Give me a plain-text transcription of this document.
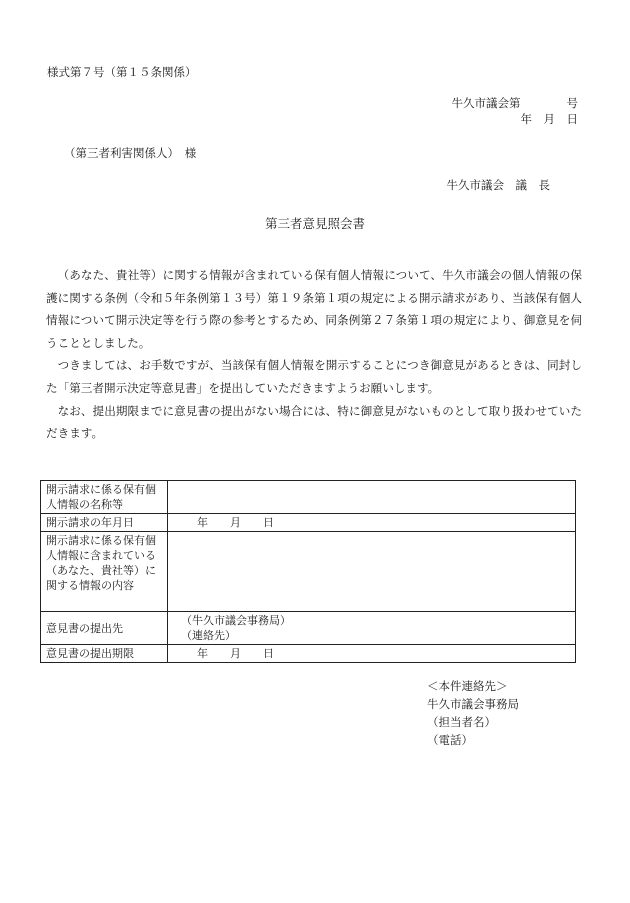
様式第７号（第１５条関係）
牛久市議会第　　　　号
年　月　日
（第三者利害関係人）　様
牛久市議会　議　長
第三者意見照会書

（あなた、貴社等）に関する情報が含まれている保有個人情報について、牛久市議会の個人情報の保護に関する条例（令和５年条例第１３号）第１９条第１項の規定による開示請求があり、当該保有個人情報について開示決定等を行う際の参考とするため、同条例第２７条第１項の規定により、御意見を伺うこととしました。

つきましては、お手数ですが、当該保有個人情報を開示することにつき御意見があるときは、同封した「第三者開示決定等意見書」を提出していただきますようお願いします。

なお、提出期限までに意見書の提出がない場合には、特に御意見がないものとして取り扱わせていただきます。

開示請求に係る保有個人情報の名称等	
開示請求の年月日	年　　月　　日
開示請求に係る保有個人情報に含まれている（あなた、貴社等）に関する情報の内容	
意見書の提出先	（牛久市議会事務局）
（連絡先）

意見書の提出期限	年　　月　　日
＜本件連絡先＞
牛久市議会事務局
（担当者名）
（電話）
